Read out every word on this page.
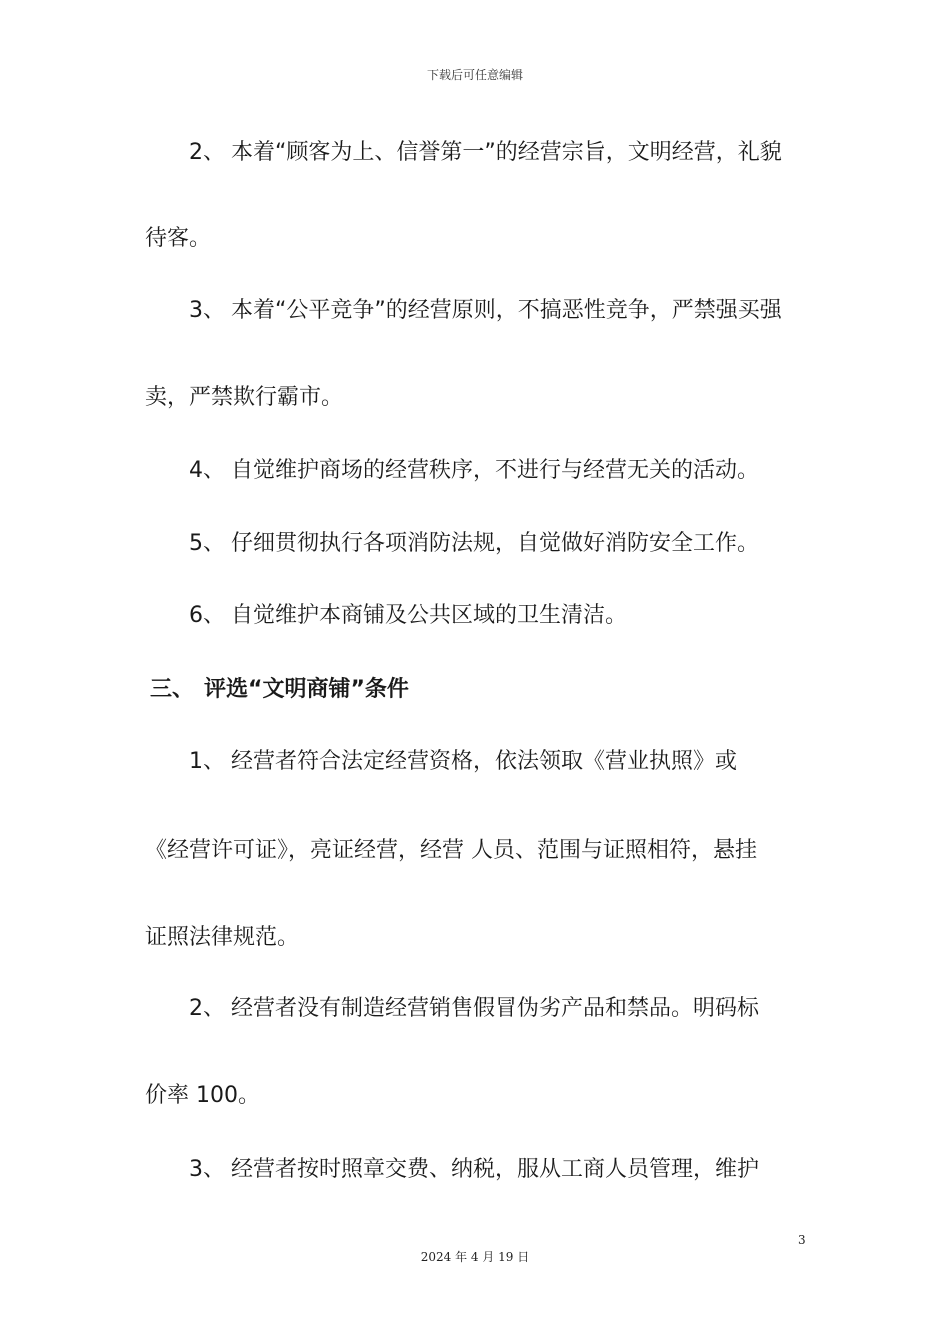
下载后可任意编辑
2、 本着“顾客为上、信誉第一”的经营宗旨，文明经营，礼貌
待客。
3、 本着“公平竞争”的经营原则，不搞恶性竞争，严禁强买强
卖，严禁欺行霸市。
4、 自觉维护商场的经营秩序，不进行与经营无关的活动。
5、 仔细贯彻执行各项消防法规，自觉做好消防安全工作。
6、 自觉维护本商铺及公共区域的卫生清洁。
三、 评选“文明商铺”条件
1、 经营者符合法定经营资格，依法领取《营业执照》或
《经营许可证》，亮证经营，经营 人员、范围与证照相符，悬挂
证照法律规范。
2、 经营者没有制造经营销售假冒伪劣产品和禁品。明码标
价率 100。
3、 经营者按时照章交费、纳税，服从工商人员管理，维护
3
2024 年 4 月 19 日
